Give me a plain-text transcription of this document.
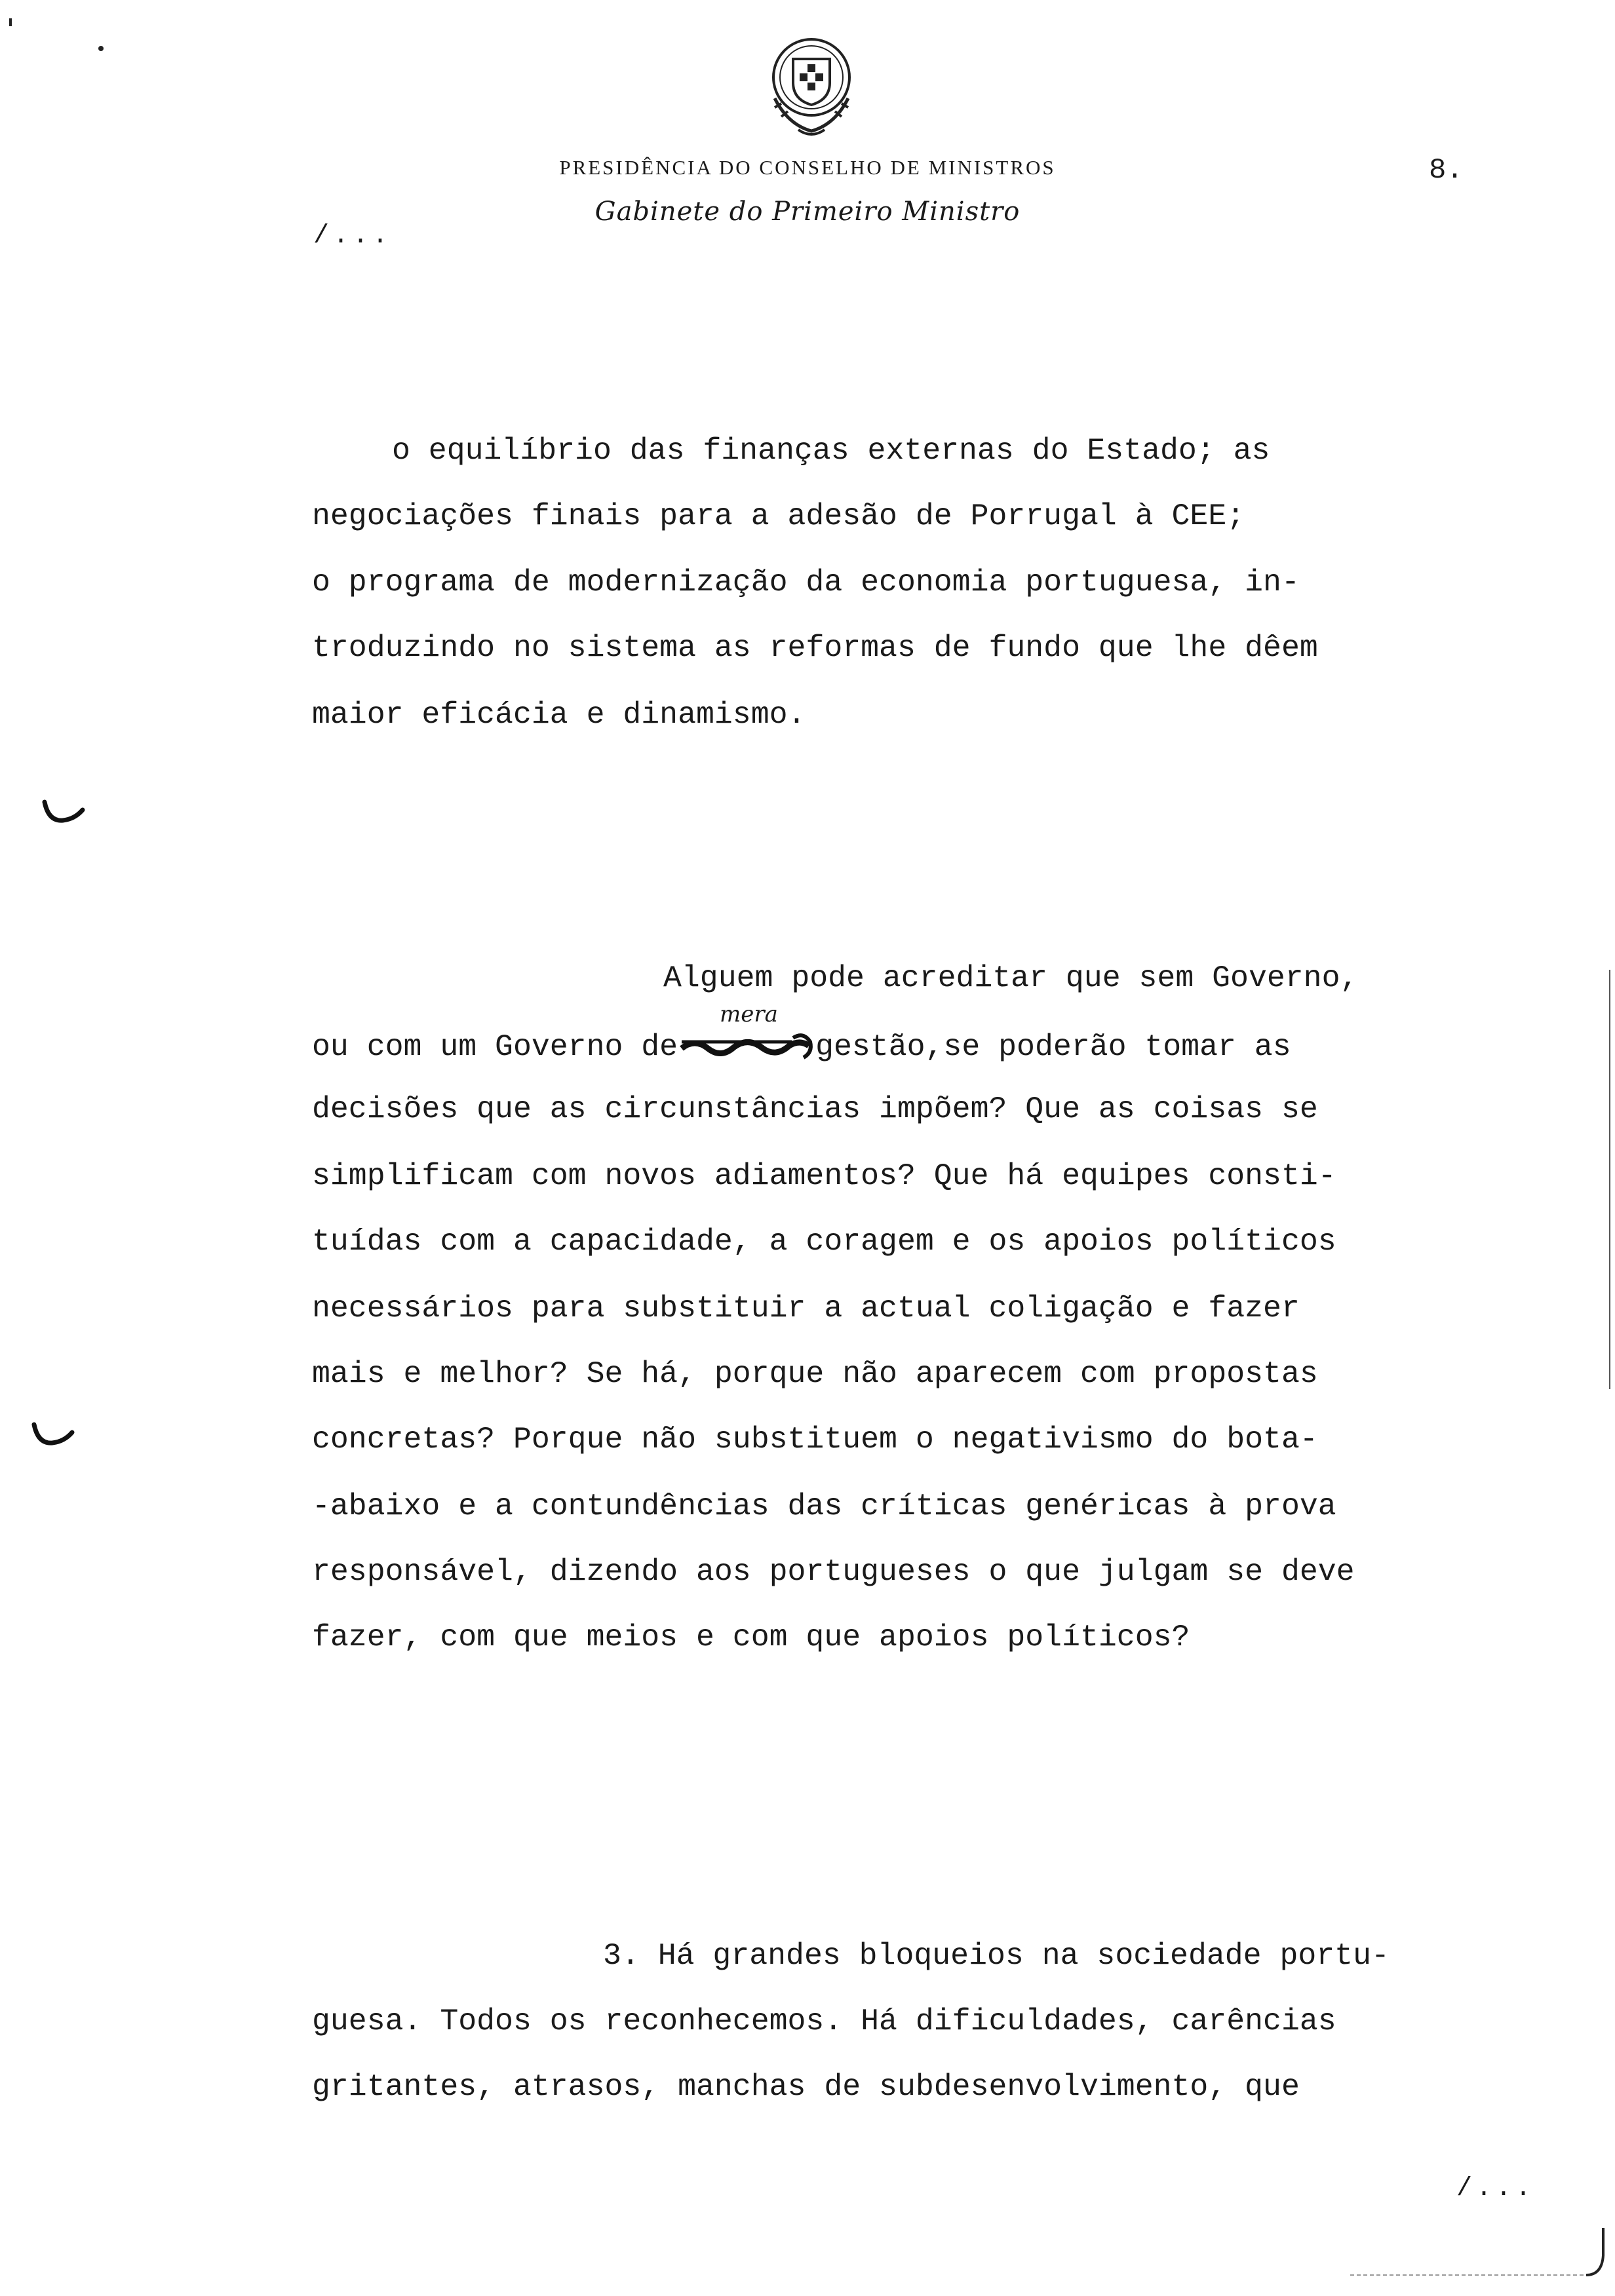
PRESIDÊNCIA DO CONSELHO DE MINISTROS
Gabinete do Primeiro Ministro
8.
/...
o equilíbrio das finanças externas do Estado; as
negociações finais para a adesão de Porrugal à CEE;
o programa de modernização da economia portuguesa, in-
troduzindo no sistema as reformas de fundo que lhe dêem
maior eficácia e dinamismo.
Alguem pode acreditar que sem Governo,
ou com um Governo de	gestão,se poderão tomar as
mera
decisões que as circunstâncias impõem? Que as coisas se
simplificam com novos adiamentos? Que há equipes consti-
tuídas com a capacidade, a coragem e os apoios políticos
necessários para substituir a actual coligação e fazer
mais e melhor? Se há, porque não aparecem com propostas
concretas? Porque não substituem o negativismo do bota-
-abaixo e a contundências das críticas genéricas à prova
responsável, dizendo aos portugueses o que julgam se deve
fazer, com que meios e com que apoios políticos?
3. Há grandes bloqueios na sociedade portu-
guesa. Todos os reconhecemos. Há dificuldades, carências
gritantes, atrasos, manchas de subdesenvolvimento, que
/...
